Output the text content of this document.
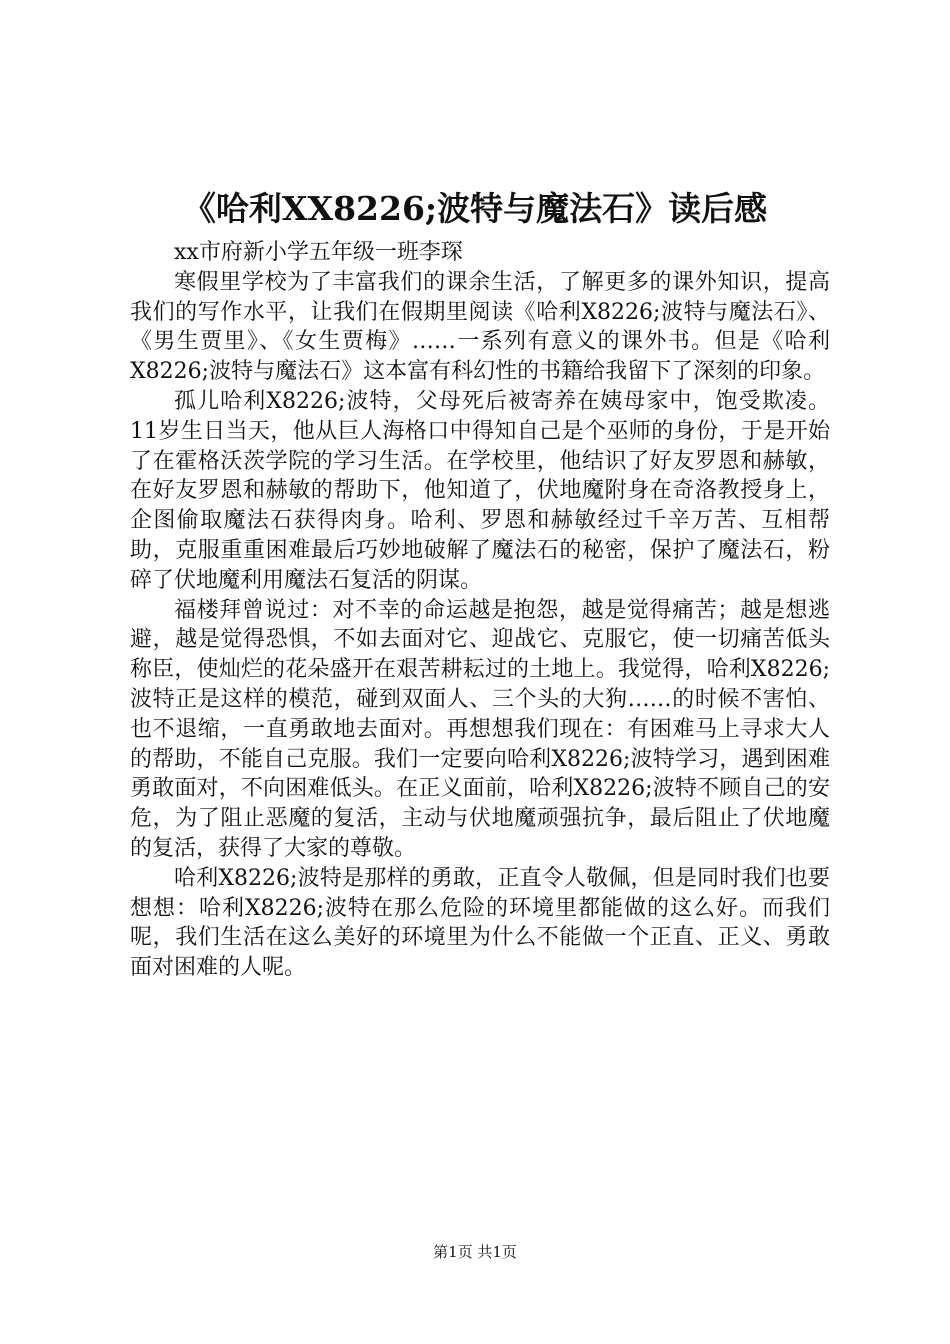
《哈利XX8226;波特与魔法石》读后感

xx市府新小学五年级一班李琛

寒假里学校为了丰富我们的课余生活，了解更多的课外知识，提高我们的写作水平，让我们在假期里阅读《哈利X8226;波特与魔法石》、《男生贾里》、《女生贾梅》……一系列有意义的课外书。但是《哈利X8226;波特与魔法石》这本富有科幻性的书籍给我留下了深刻的印象。

孤儿哈利X8226;波特，父母死后被寄养在姨母家中，饱受欺凌。11岁生日当天，他从巨人海格口中得知自己是个巫师的身份，于是开始了在霍格沃茨学院的学习生活。在学校里，他结识了好友罗恩和赫敏，在好友罗恩和赫敏的帮助下，他知道了，伏地魔附身在奇洛教授身上，企图偷取魔法石获得肉身。哈利、罗恩和赫敏经过千辛万苦、互相帮助，克服重重困难最后巧妙地破解了魔法石的秘密，保护了魔法石，粉碎了伏地魔利用魔法石复活的阴谋。

福楼拜曾说过：对不幸的命运越是抱怨，越是觉得痛苦；越是想逃避，越是觉得恐惧，不如去面对它、迎战它、克服它，使一切痛苦低头称臣，使灿烂的花朵盛开在艰苦耕耘过的土地上。我觉得，哈利X8226;波特正是这样的模范，碰到双面人、三个头的大狗……的时候不害怕、也不退缩，一直勇敢地去面对。再想想我们现在：有困难马上寻求大人的帮助，不能自己克服。我们一定要向哈利X8226;波特学习，遇到困难勇敢面对，不向困难低头。在正义面前，哈利X8226;波特不顾自己的安危，为了阻止恶魔的复活，主动与伏地魔顽强抗争，最后阻止了伏地魔的复活，获得了大家的尊敬。

哈利X8226;波特是那样的勇敢，正直令人敬佩，但是同时我们也要想想：哈利X8226;波特在那么危险的环境里都能做的这么好。而我们呢，我们生活在这么美好的环境里为什么不能做一个正直、正义、勇敢面对困难的人呢。

第1页 共1页
